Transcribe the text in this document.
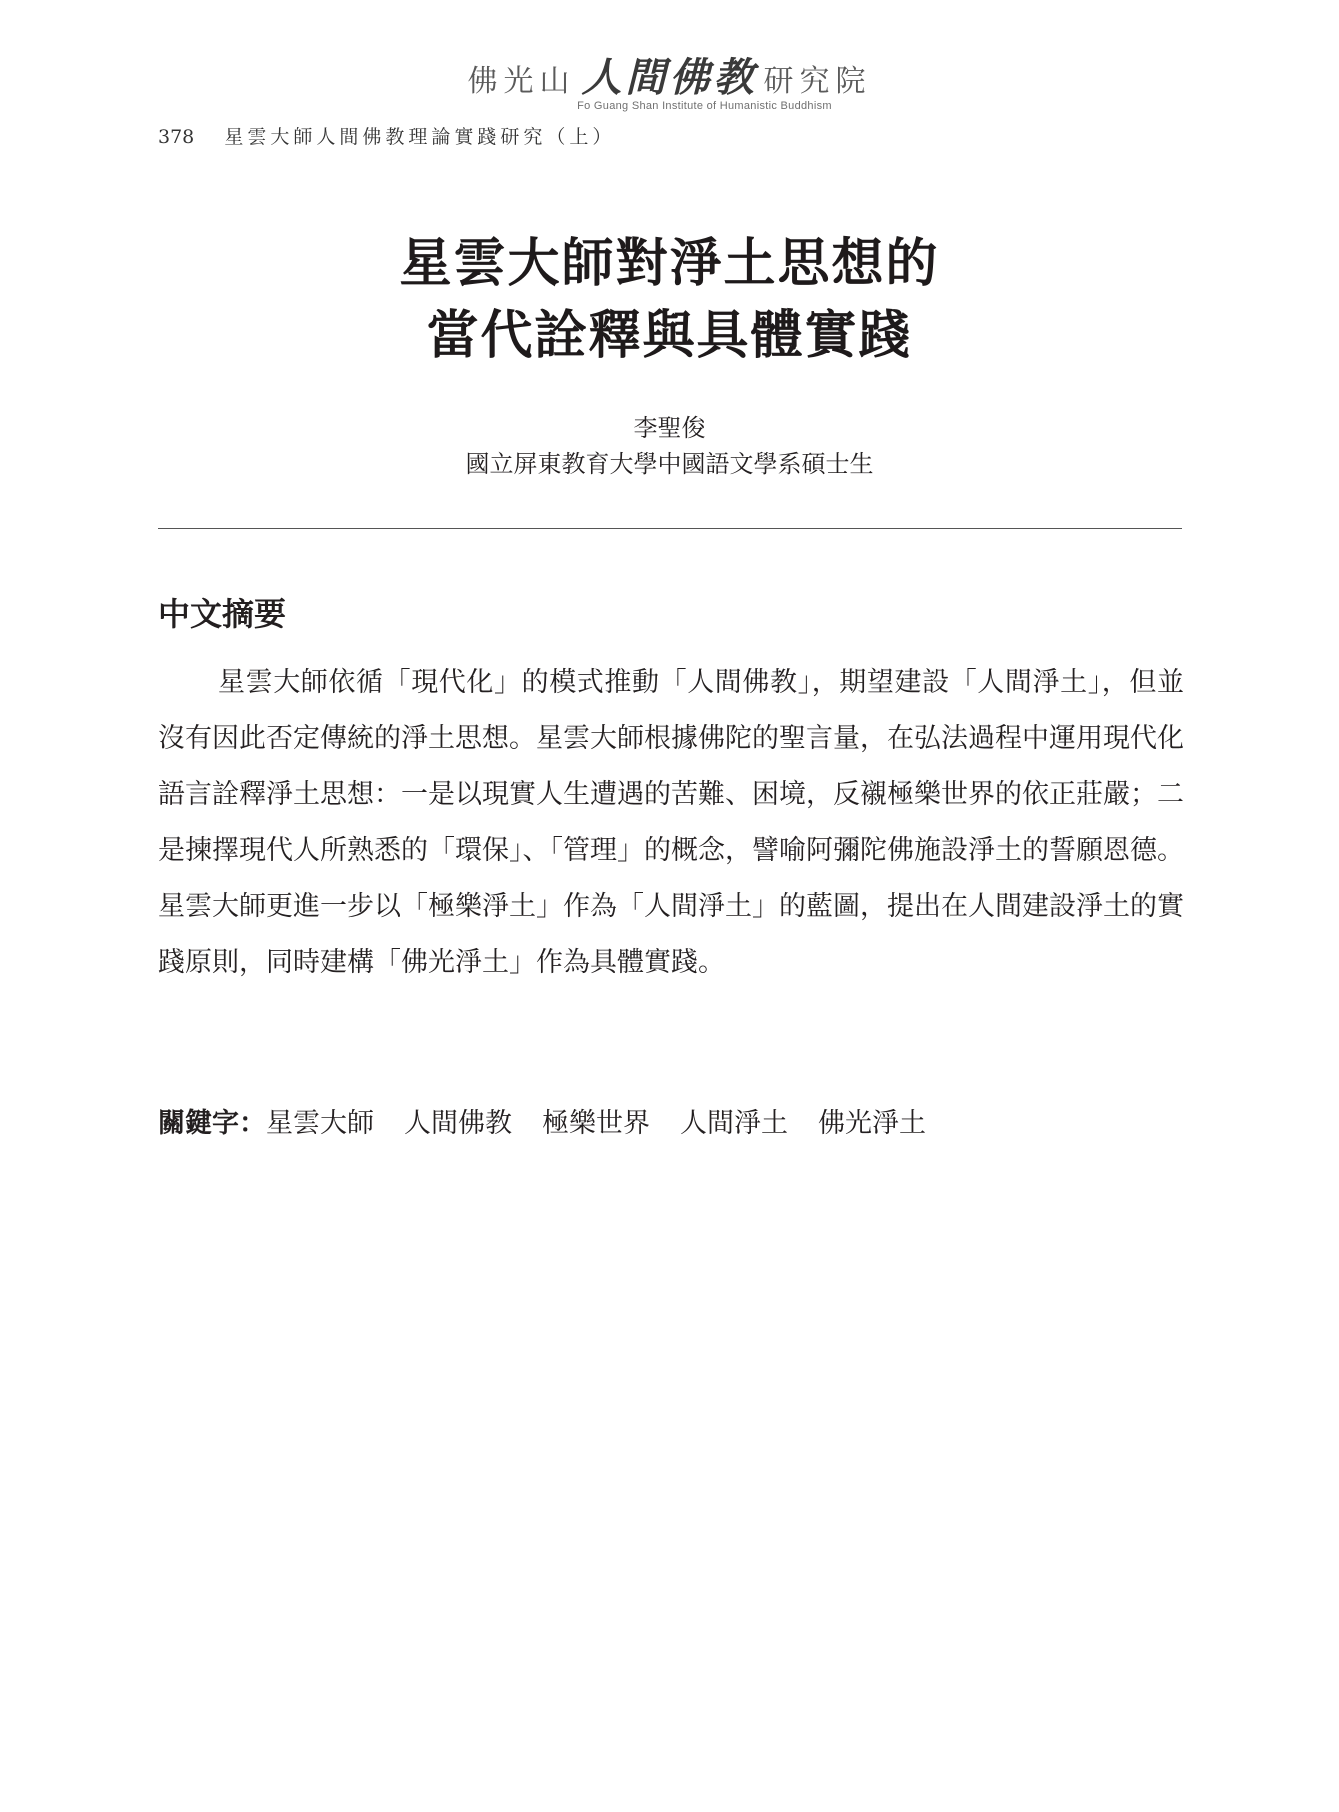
佛光山 人間佛教 研究院
Fo Guang Shan Institute of Humanistic Buddhism
378 星雲大師人間佛教理論實踐研究（上）
星雲大師對淨土思想的
當代詮釋與具體實踐
李聖俊
國立屏東教育大學中國語文學系碩士生
中文摘要

星雲大師依循「現代化」的模式推動「人間佛教」，期望建設「人間淨土」，但並沒有因此否定傳統的淨土思想。星雲大師根據佛陀的聖言量，在弘法過程中運用現代化語言詮釋淨土思想：一是以現實人生遭遇的苦難、困境，反襯極樂世界的依正莊嚴；二是揀擇現代人所熟悉的「環保」、「管理」的概念，譬喻阿彌陀佛施設淨土的誓願恩德。星雲大師更進一步以「極樂淨土」作為「人間淨土」的藍圖，提出在人間建設淨土的實踐原則，同時建構「佛光淨土」作為具體實踐。

關鍵字：星雲大師 人間佛教 極樂世界 人間淨土 佛光淨土
